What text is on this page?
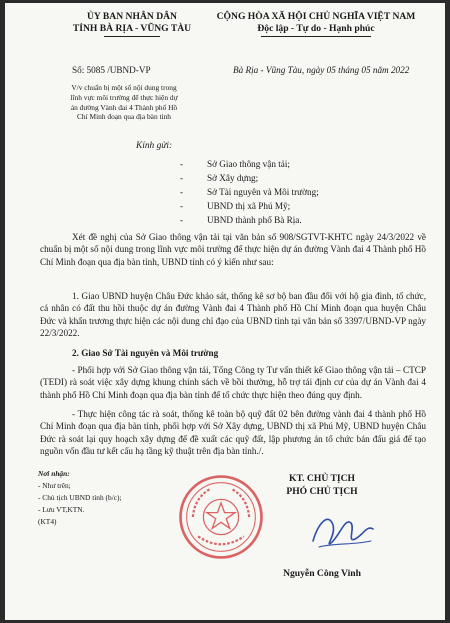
ỦY BAN NHÂN DÂN
TỈNH BÀ RỊA - VŨNG TÀU
CỘNG HÒA XÃ HỘI CHỦ NGHĨA VIỆT NAM
Độc lập - Tự do - Hạnh phúc
Số: 5085 /UBND-VP	Bà Rịa - Vũng Tàu, ngày 05 tháng 05 năm 2022
V/v chuẩn bị một số nội dung trong
lĩnh vực môi trường để thực hiện dự
án đường Vành đai 4 Thành phố Hồ
Chí Minh đoạn qua địa bàn tỉnh
Kính gửi:
-	Sở Giao thông vận tải;
-	Sở Xây dựng;
-	Sở Tài nguyên và Môi trường;
-	UBND thị xã Phú Mỹ;
-	UBND thành phố Bà Rịa.
Xét đề nghị của Sở Giao thông vận tải tại văn bản số 908/SGTVT-KHTC ngày 24/3/2022 về chuẩn bị một số nội dung trong lĩnh vực môi trường để thực hiện dự án đường Vành đai 4 Thành phố Hồ Chí Minh đoạn qua địa bàn tỉnh, UBND tỉnh có ý kiến như sau:
1. Giao UBND huyện Châu Đức khảo sát, thống kê sơ bộ ban đầu đối với hộ gia đình, tổ chức, cá nhân có đất thu hồi thuộc dự án đường Vành đai 4 Thành phố Hồ Chí Minh đoạn qua huyện Châu Đức và khẩn trương thực hiện các nội dung chỉ đạo của UBND tỉnh tại văn bản số 3397/UBND-VP ngày 22/3/2022.
2. Giao Sở Tài nguyên và Môi trường
- Phối hợp với Sở Giao thông vận tải, Tổng Công ty Tư vấn thiết kế Giao thông vận tải – CTCP (TEDI) rà soát việc xây dựng khung chính sách về bồi thường, hỗ trợ tái định cư của dự án Vành đai 4 thành phố Hồ Chí Minh đoạn qua địa bàn tỉnh để tổ chức thực hiện theo đúng quy định.
- Thực hiện công tác rà soát, thống kê toàn bộ quỹ đất 02 bên đường vành đai 4 thành phố Hồ Chí Minh đoạn qua địa bàn tỉnh, phối hợp với Sở Xây dựng, UBND thị xã Phú Mỹ, UBND huyện Châu Đức rà soát lại quy hoạch xây dựng để đề xuất các quỹ đất, lập phương án tổ chức bán đấu giá để tạo nguồn vốn đầu tư kết cấu hạ tầng kỹ thuật trên địa bàn tỉnh./.
Nơi nhận:
- Như trên;
- Chủ tịch UBND tỉnh (b/c);
- Lưu VT,KTN.
(KT4)
KT. CHỦ TỊCH
PHÓ CHỦ TỊCH
Nguyễn Công Vinh
